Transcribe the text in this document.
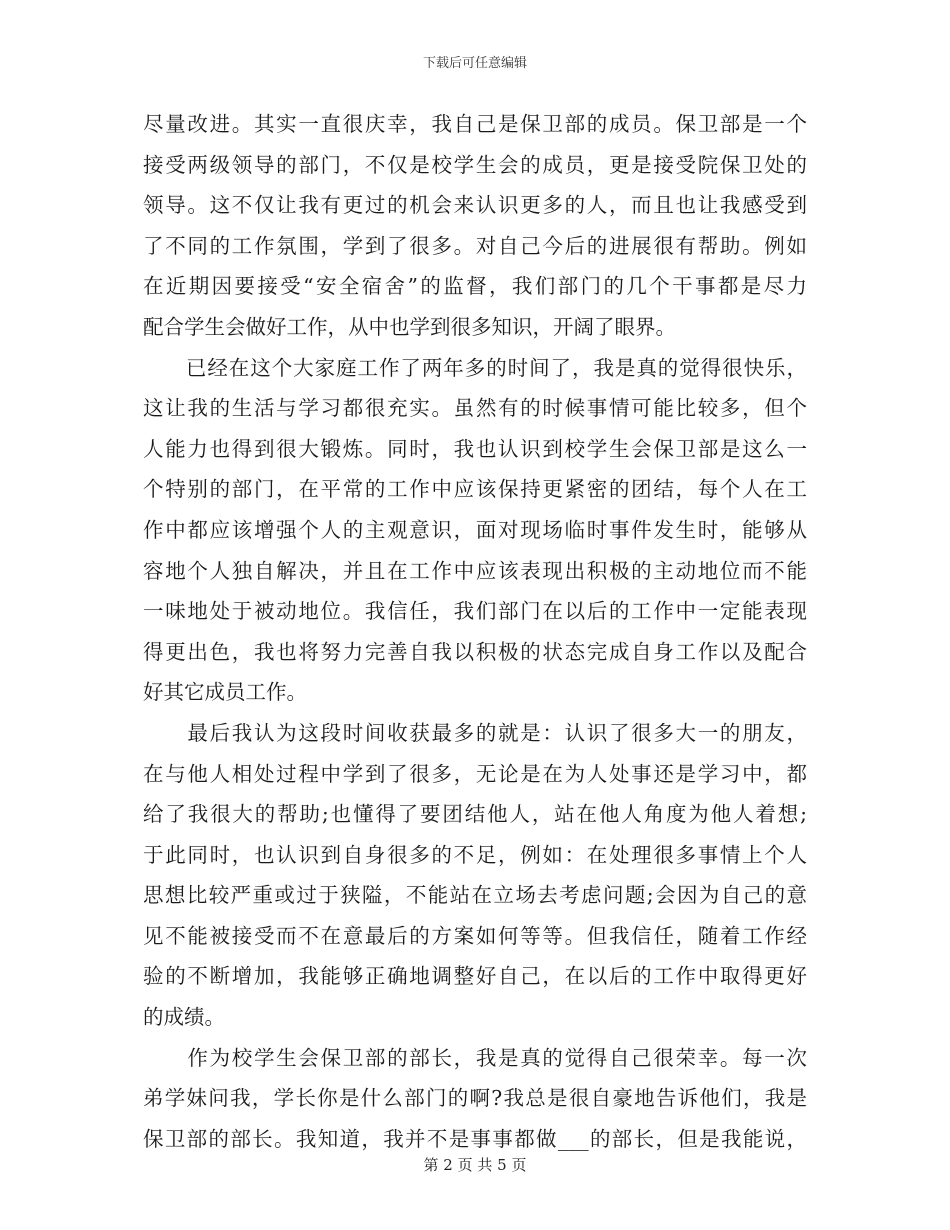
下载后可任意编辑
尽量改进。其实一直很庆幸，我自己是保卫部的成员。保卫部是一个
接受两级领导的部门，不仅是校学生会的成员，更是接受院保卫处的
领导。这不仅让我有更过的机会来认识更多的人，而且也让我感受到
了不同的工作氛围，学到了很多。对自己今后的进展很有帮助。例如
在近期因要接受“安全宿舍”的监督，我们部门的几个干事都是尽力
配合学生会做好工作，从中也学到很多知识，开阔了眼界。
　　已经在这个大家庭工作了两年多的时间了，我是真的觉得很快乐，
这让我的生活与学习都很充实。虽然有的时候事情可能比较多，但个
人能力也得到很大锻炼。同时，我也认识到校学生会保卫部是这么一
个特别的部门，在平常的工作中应该保持更紧密的团结，每个人在工
作中都应该增强个人的主观意识，面对现场临时事件发生时，能够从
容地个人独自解决，并且在工作中应该表现出积极的主动地位而不能
一味地处于被动地位。我信任，我们部门在以后的工作中一定能表现
得更出色，我也将努力完善自我以积极的状态完成自身工作以及配合
好其它成员工作。
　　最后我认为这段时间收获最多的就是：认识了很多大一的朋友，
在与他人相处过程中学到了很多，无论是在为人处事还是学习中，都
给了我很大的帮助;也懂得了要团结他人，站在他人角度为他人着想;
于此同时，也认识到自身很多的不足，例如：在处理很多事情上个人
思想比较严重或过于狭隘，不能站在立场去考虑问题;会因为自己的意
见不能被接受而不在意最后的方案如何等等。但我信任，随着工作经
验的不断增加，我能够正确地调整好自己，在以后的工作中取得更好
的成绩。
　　作为校学生会保卫部的部长，我是真的觉得自己很荣幸。每一次
弟学妹问我，学长你是什么部门的啊?我总是很自豪地告诉他们，我是
保卫部的部长。我知道，我并不是事事都做___的部长，但是我能说，
第 2 页 共 5 页
